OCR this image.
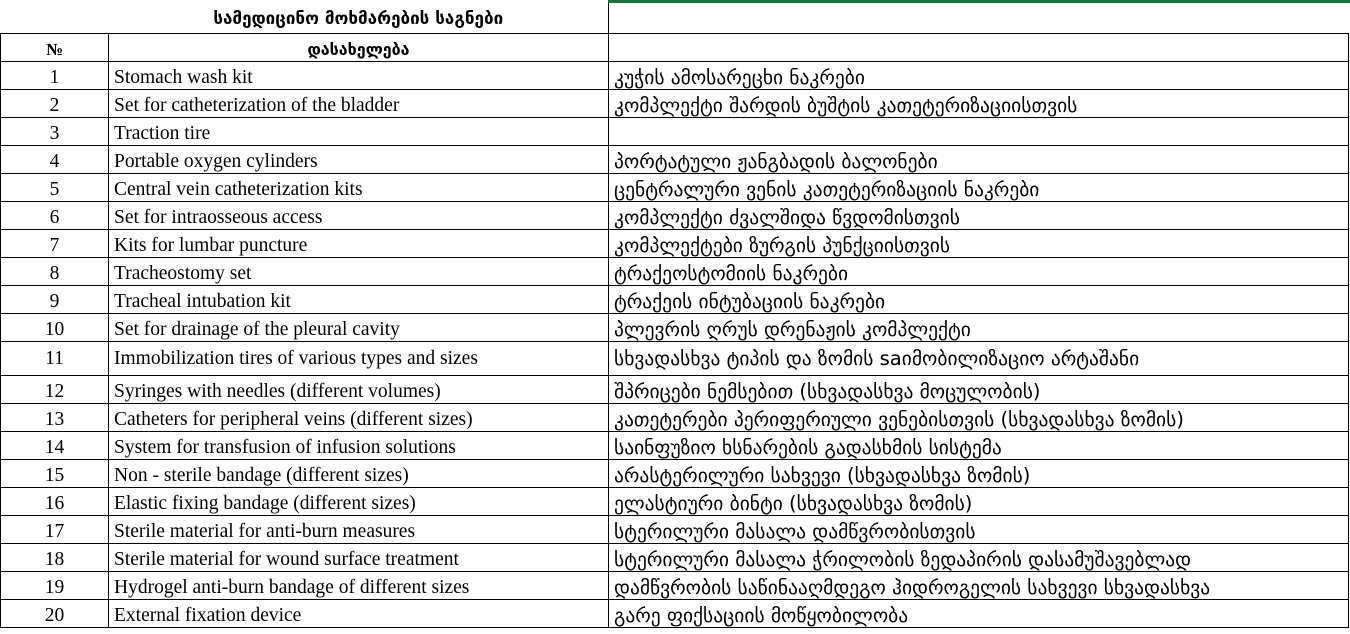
	სამედიცინო მოხმარების საგნები	
№	დასახელება	
1	Stomach wash kit	კუჭის ამოსარეცხი ნაკრები
2	Set for catheterization of the bladder	კომპლექტი შარდის ბუშტის კათეტერიზაციისთვის
3	Traction tire	
4	Portable oxygen cylinders	პორტატული ჟანგბადის ბალონები
5	Central vein catheterization kits	ცენტრალური ვენის კათეტერიზაციის ნაკრები
6	Set for intraosseous access	კომპლექტი ძვალშიდა წვდომისთვის
7	Kits for lumbar puncture	კომპლექტები ზურგის პუნქციისთვის
8	Tracheostomy set	ტრაქეოსტომიის ნაკრები
9	Tracheal intubation kit	ტრაქეის ინტუბაციის ნაკრები
10	Set for drainage of the pleural cavity	პლევრის ღრუს დრენაჟის კომპლექტი
11	Immobilization tires of various types and sizes	სხვადასხვა ტიპის და ზომის saიმობილიზაციო არტაშანი
12	Syringes with needles (different volumes)	შპრიცები ნემსებით (სხვადასხვა მოცულობის)
13	Catheters for peripheral veins (different sizes)	კათეტერები პერიფერიული ვენებისთვის (სხვადასხვა ზომის)
14	System for transfusion of infusion solutions	საინფუზიო ხსნარების გადასხმის სისტემა
15	Non - sterile bandage (different sizes)	არასტერილური სახვევი (სხვადასხვა ზომის)
16	Elastic fixing bandage (different sizes)	ელასტიური ბინტი (სხვადასხვა ზომის)
17	Sterile material for anti-burn measures	სტერილური მასალა დამწვრობისთვის
18	Sterile material for wound surface treatment	სტერილური მასალა ჭრილობის ზედაპირის დასამუშავებლად
19	Hydrogel anti-burn bandage of different sizes	დამწვრობის საწინააღმდეგო ჰიდროგელის სახვევი სხვადასხვა
20	External fixation device	გარე ფიქსაციის მოწყობილობა
